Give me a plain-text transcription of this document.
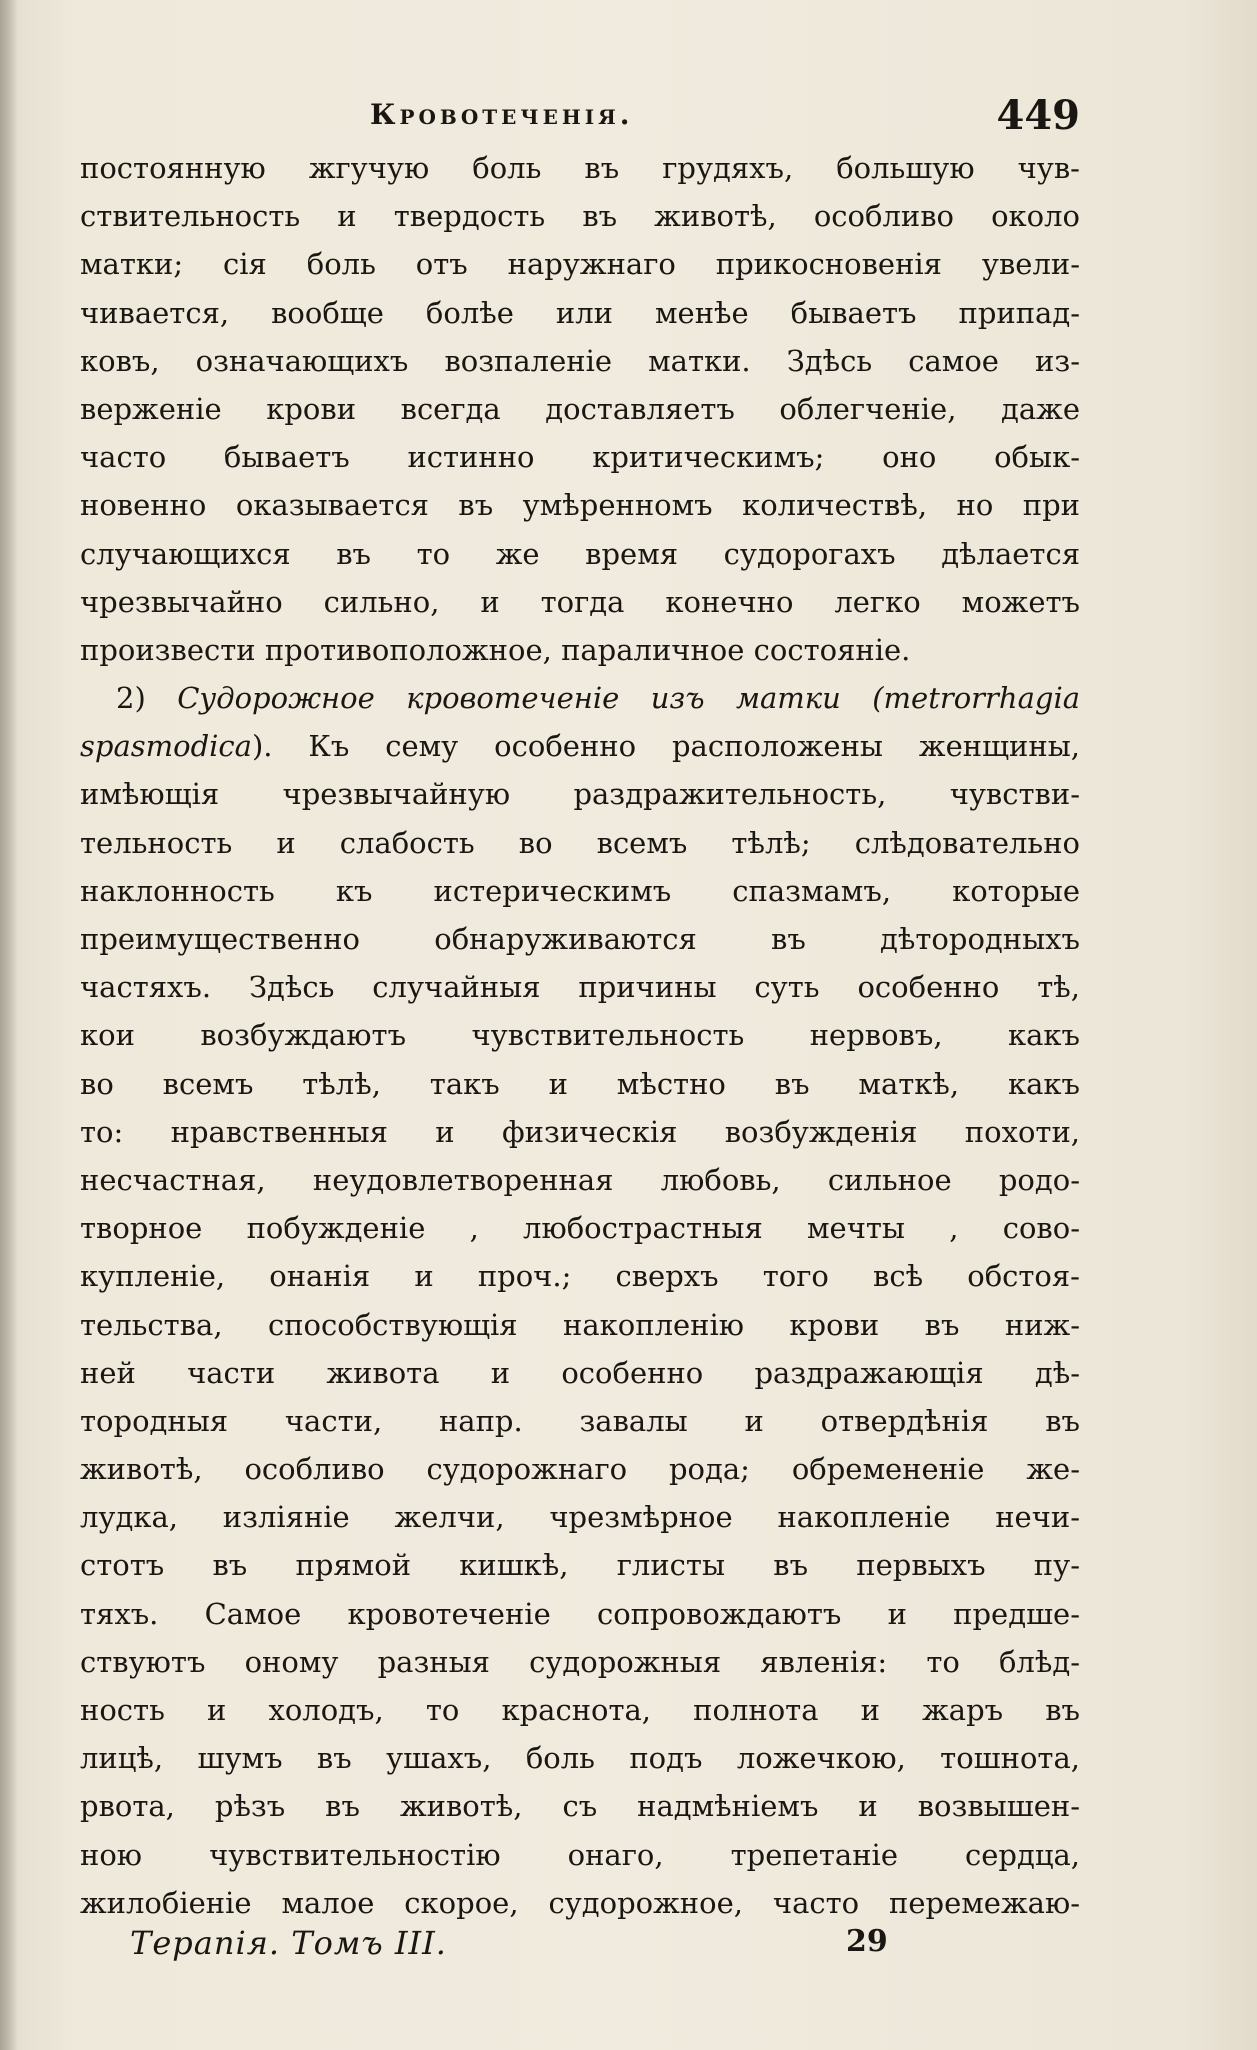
Кровотеченія.	449
постоянную жгучую боль въ грудяхъ, большую чув-
ствительность и твердость въ животѣ, особливо около
матки; сія боль отъ наружнаго прикосновенія увели-
чивается, вообще болѣе или менѣе бываетъ припад-
ковъ, означающихъ возпаленіе матки. Здѣсь самое из-
верженіе крови всегда доставляетъ облегченіе, даже
часто бываетъ истинно критическимъ; оно обык-
новенно оказывается въ умѣренномъ количествѣ, но при
случающихся въ то же время судорогахъ дѣлается
чрезвычайно сильно, и тогда конечно легко можетъ
произвести противоположное, параличное состояніе.
2) Судорожное кровотеченіе изъ матки (metrorrhagia
spasmodica). Къ сему особенно расположены женщины,
имѣющія чрезвычайную раздражительность, чувстви-
тельность и слабость во всемъ тѣлѣ; слѣдовательно
наклонность къ истерическимъ спазмамъ, которые
преимущественно обнаруживаются въ дѣтородныхъ
частяхъ. Здѣсь случайныя причины суть особенно тѣ,
кои возбуждаютъ чувствительность нервовъ, какъ
во всемъ тѣлѣ, такъ и мѣстно въ маткѣ, какъ
то: нравственныя и физическія возбужденія похоти,
несчастная, неудовлетворенная любовь, сильное родо-
творное побужденіе , любострастныя мечты , сово-
купленіе, онанія и проч.; сверхъ того всѣ обстоя-
тельства, способствующія накопленію крови въ ниж-
ней части живота и особенно раздражающія дѣ-
тородныя части, напр. завалы и отвердѣнія въ
животѣ, особливо судорожнаго рода; обремененіе же-
лудка, изліяніе желчи, чрезмѣрное накопленіе нечи-
стотъ въ прямой кишкѣ, глисты въ первыхъ пу-
тяхъ. Самое кровотеченіе сопровождаютъ и предше-
ствуютъ оному разныя судорожныя явленія: то блѣд-
ность и холодъ, то краснота, полнота и жаръ въ
лицѣ, шумъ въ ушахъ, боль подъ ложечкою, тошнота,
рвота, рѣзъ въ животѣ, съ надмѣніемъ и возвышен-
ною чувствительностію онаго, трепетаніе сердца,
жилобіеніе малое скорое, судорожное, часто перемежаю-
Терапія. Томъ III.	29
